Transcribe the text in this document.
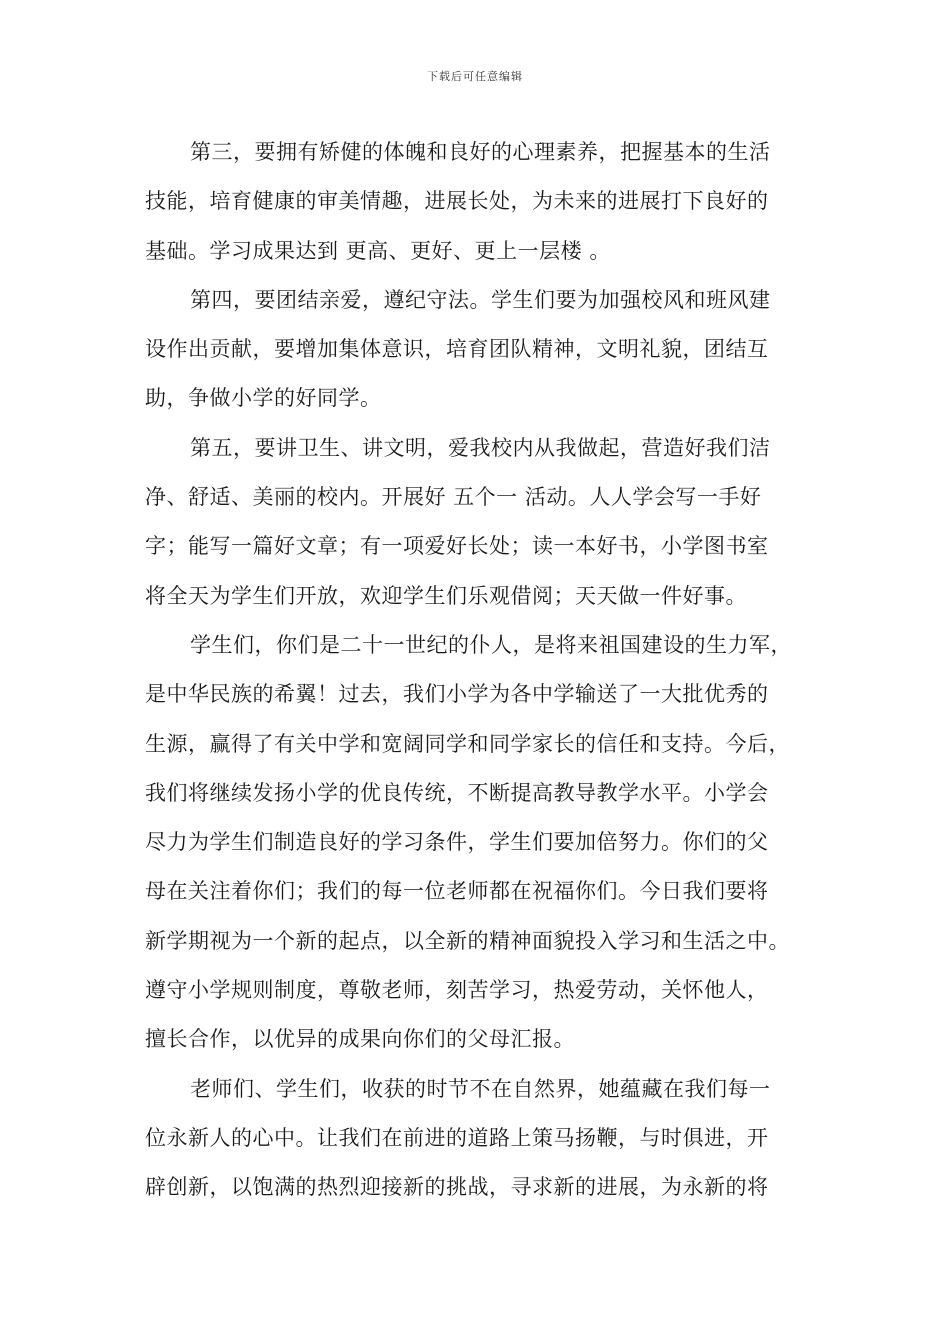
下载后可任意编辑
第三，要拥有矫健的体魄和良好的心理素养，把握基本的生活
技能，培育健康的审美情趣，进展长处，为未来的进展打下良好的
基础。学习成果达到 更高、更好、更上一层楼 。
第四，要团结亲爱，遵纪守法。学生们要为加强校风和班风建
设作出贡献，要增加集体意识，培育团队精神，文明礼貌，团结互
助，争做小学的好同学。
第五，要讲卫生、讲文明，爱我校内从我做起，营造好我们洁
净、舒适、美丽的校内。开展好 五个一 活动。人人学会写一手好
字；能写一篇好文章；有一项爱好长处；读一本好书，小学图书室
将全天为学生们开放，欢迎学生们乐观借阅；天天做一件好事。
学生们，你们是二十一世纪的仆人，是将来祖国建设的生力军，
是中华民族的希翼！过去，我们小学为各中学输送了一大批优秀的
生源，赢得了有关中学和宽阔同学和同学家长的信任和支持。今后，
我们将继续发扬小学的优良传统，不断提高教导教学水平。小学会
尽力为学生们制造良好的学习条件，学生们要加倍努力。你们的父
母在关注着你们；我们的每一位老师都在祝福你们。今日我们要将
新学期视为一个新的起点，以全新的精神面貌投入学习和生活之中。
遵守小学规则制度，尊敬老师，刻苦学习，热爱劳动，关怀他人，
擅长合作，以优异的成果向你们的父母汇报。
老师们、学生们，收获的时节不在自然界，她蕴藏在我们每一
位永新人的心中。让我们在前进的道路上策马扬鞭，与时俱进，开
辟创新，以饱满的热烈迎接新的挑战，寻求新的进展，为永新的将
